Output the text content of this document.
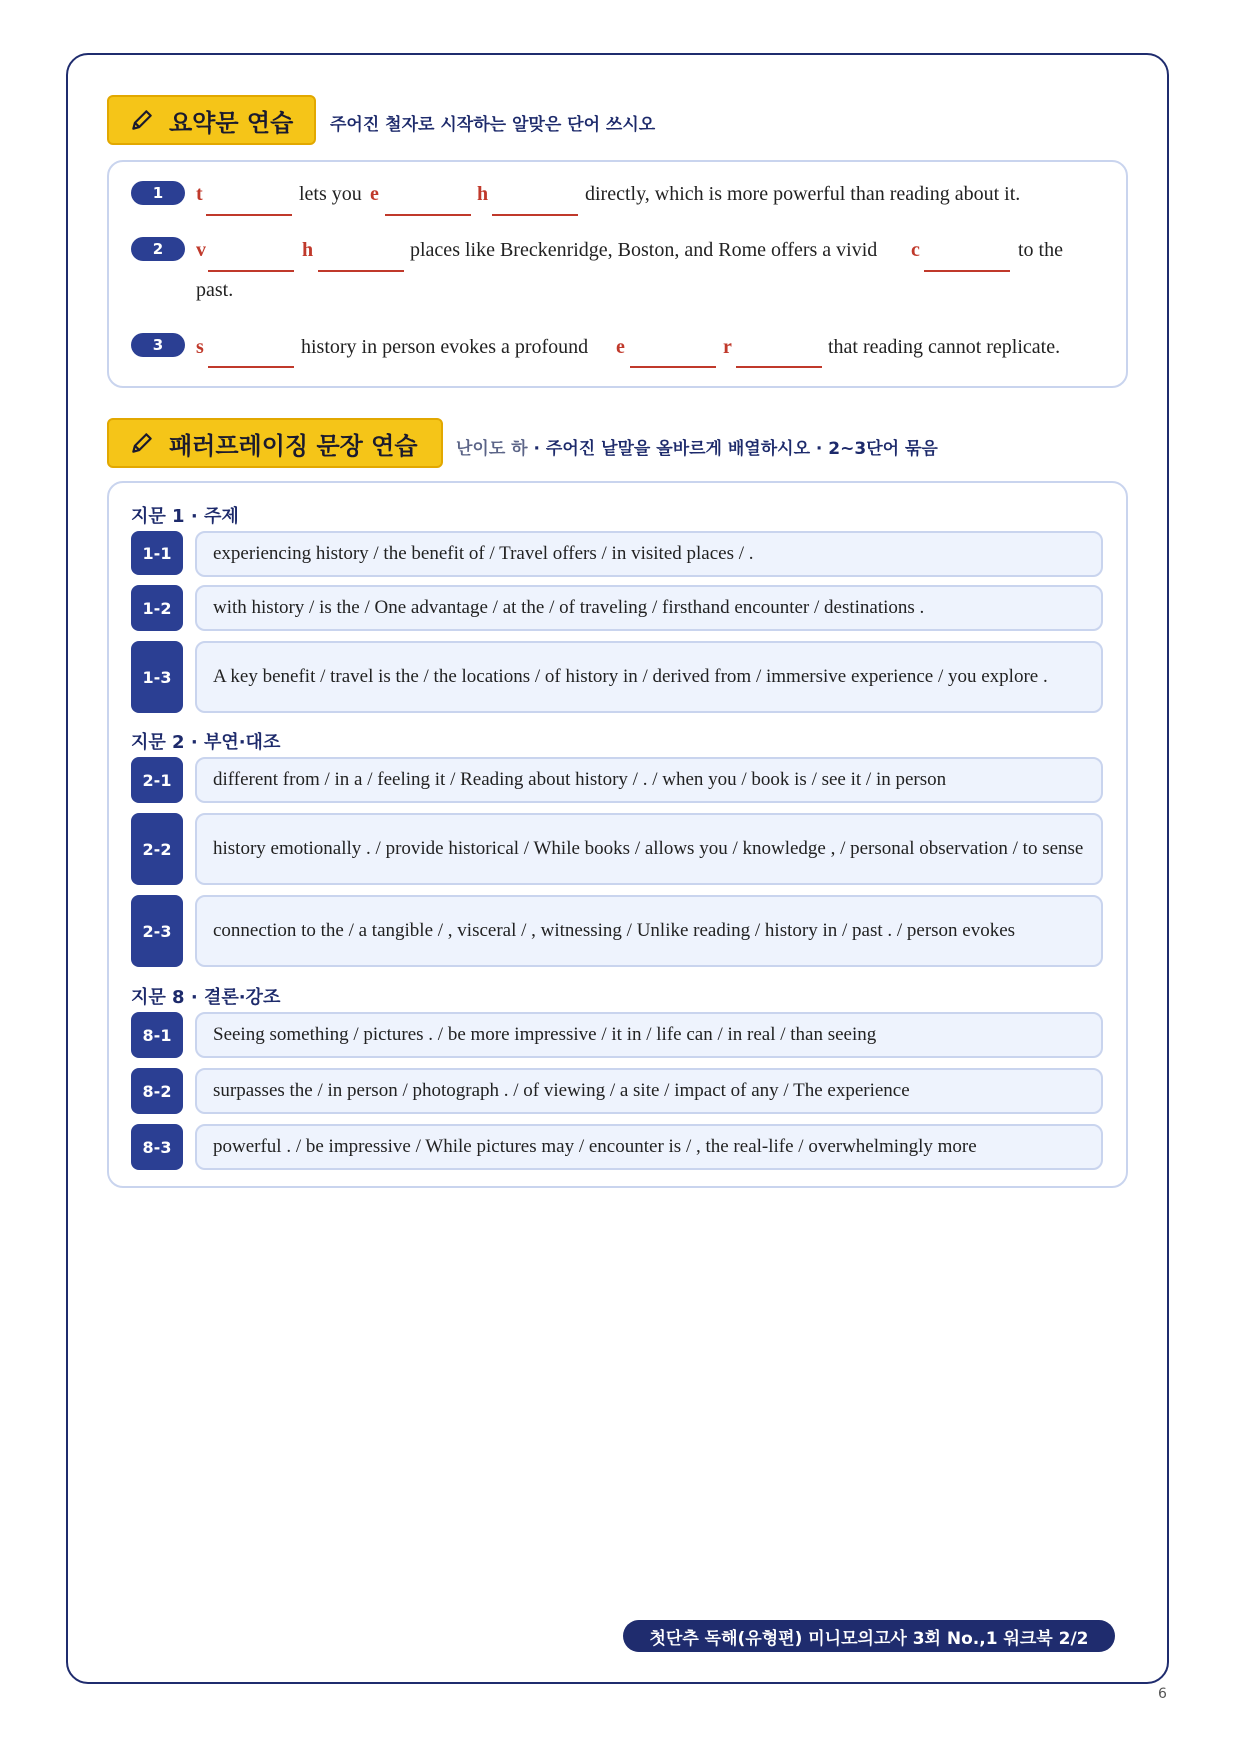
요약문 연습 주어진 철자로 시작하는 알맞은 단어 쓰시오
1	t	lets you e	h	directly, which is more powerful than reading about it.
2	v	h	places like Breckenridge, Boston, and Rome offers a vivid c	to the
past.
3	s	history in person evokes a profound e	r	that reading cannot replicate.
패러프레이징 문장 연습 난이도 하 · 주어진 낱말을 올바르게 배열하시오 · 2~3단어 묶음
지문 1 · 주제
1-1	experiencing history / the benefit of / Travel offers / in visited places / .
1-2	with history / is the / One advantage / at the / of traveling / firsthand encounter / destinations .
1-3	A key benefit / travel is the / the locations / of history in / derived from / immersive experience / you explore .
지문 2 · 부연·대조
2-1	different from / in a / feeling it / Reading about history / . / when you / book is / see it / in person
2-2	history emotionally . / provide historical / While books / allows you / knowledge , / personal observation / to sense
2-3	connection to the / a tangible / , visceral / , witnessing / Unlike reading / history in / past . / person evokes
지문 8 · 결론·강조
8-1	Seeing something / pictures . / be more impressive / it in / life can / in real / than seeing
8-2	surpasses the / in person / photograph . / of viewing / a site / impact of any / The experience
8-3	powerful . / be impressive / While pictures may / encounter is / , the real-life / overwhelmingly more
첫단추 독해(유형편) 미니모의고사 3회 No.,1 워크북 2/2
6
